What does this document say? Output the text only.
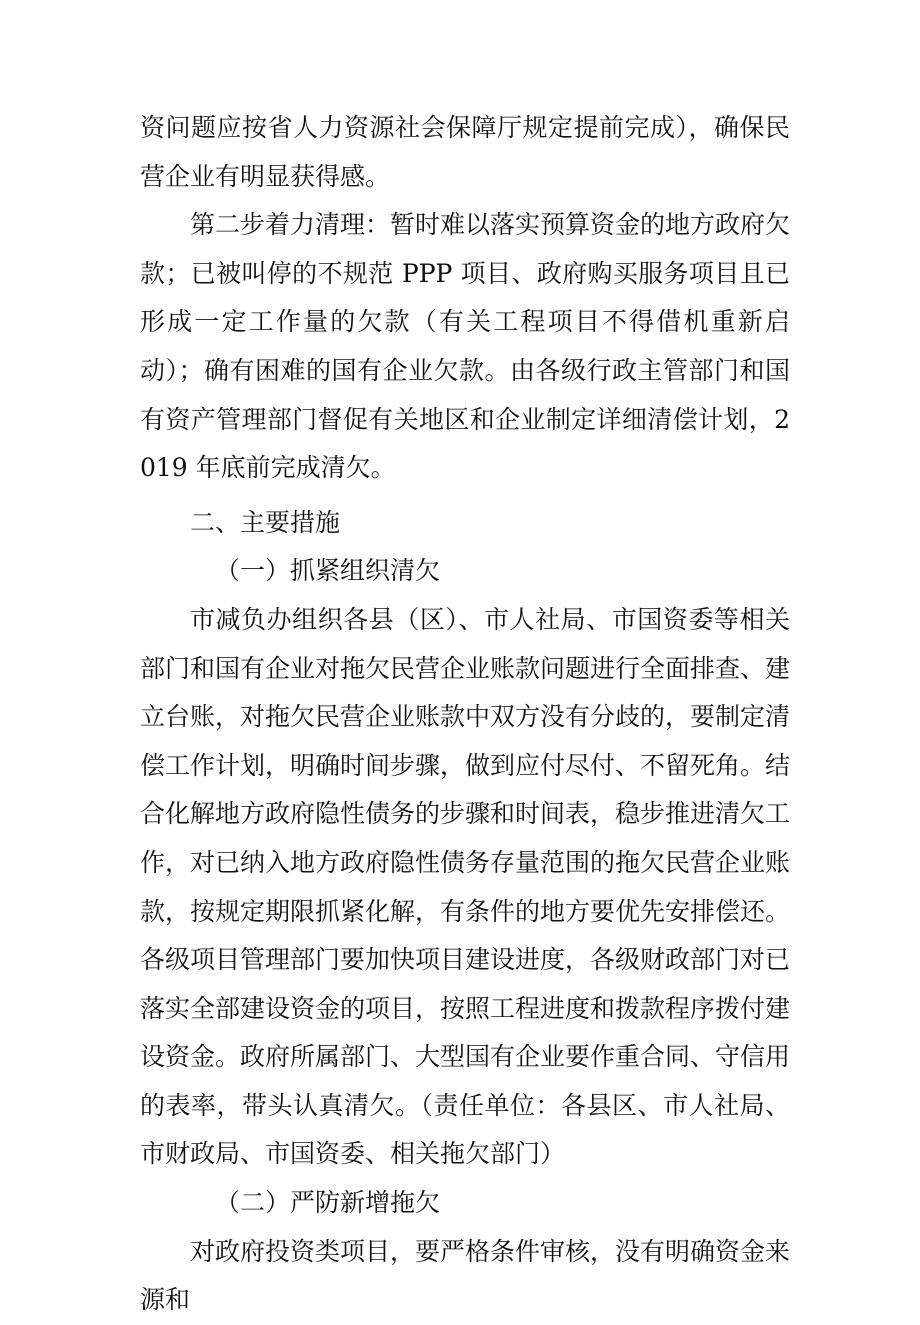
资问题应按省人力资源社会保障厅规定提前完成），确保民营企业有明显获得感。

第二步着力清理：暂时难以落实预算资金的地方政府欠款；已被叫停的不规范 PPP 项目、政府购买服务项目且已形成一定工作量的欠款（有关工程项目不得借机重新启动）；确有困难的国有企业欠款。由各级行政主管部门和国有资产管理部门督促有关地区和企业制定详细清偿计划，2019 年底前完成清欠。

二、主要措施

（一）抓紧组织清欠

市减负办组织各县（区）、市人社局、市国资委等相关部门和国有企业对拖欠民营企业账款问题进行全面排查、建立台账，对拖欠民营企业账款中双方没有分歧的，要制定清偿工作计划，明确时间步骤，做到应付尽付、不留死角。结合化解地方政府隐性债务的步骤和时间表，稳步推进清欠工作，对已纳入地方政府隐性债务存量范围的拖欠民营企业账款，按规定期限抓紧化解，有条件的地方要优先安排偿还。各级项目管理部门要加快项目建设进度，各级财政部门对已落实全部建设资金的项目，按照工程进度和拨款程序拨付建设资金。政府所属部门、大型国有企业要作重合同、守信用的表率，带头认真清欠。（责任单位：各县区、市人社局、市财政局、市国资委、相关拖欠部门）

（二）严防新增拖欠

对政府投资类项目，要严格条件审核，没有明确资金来源和
